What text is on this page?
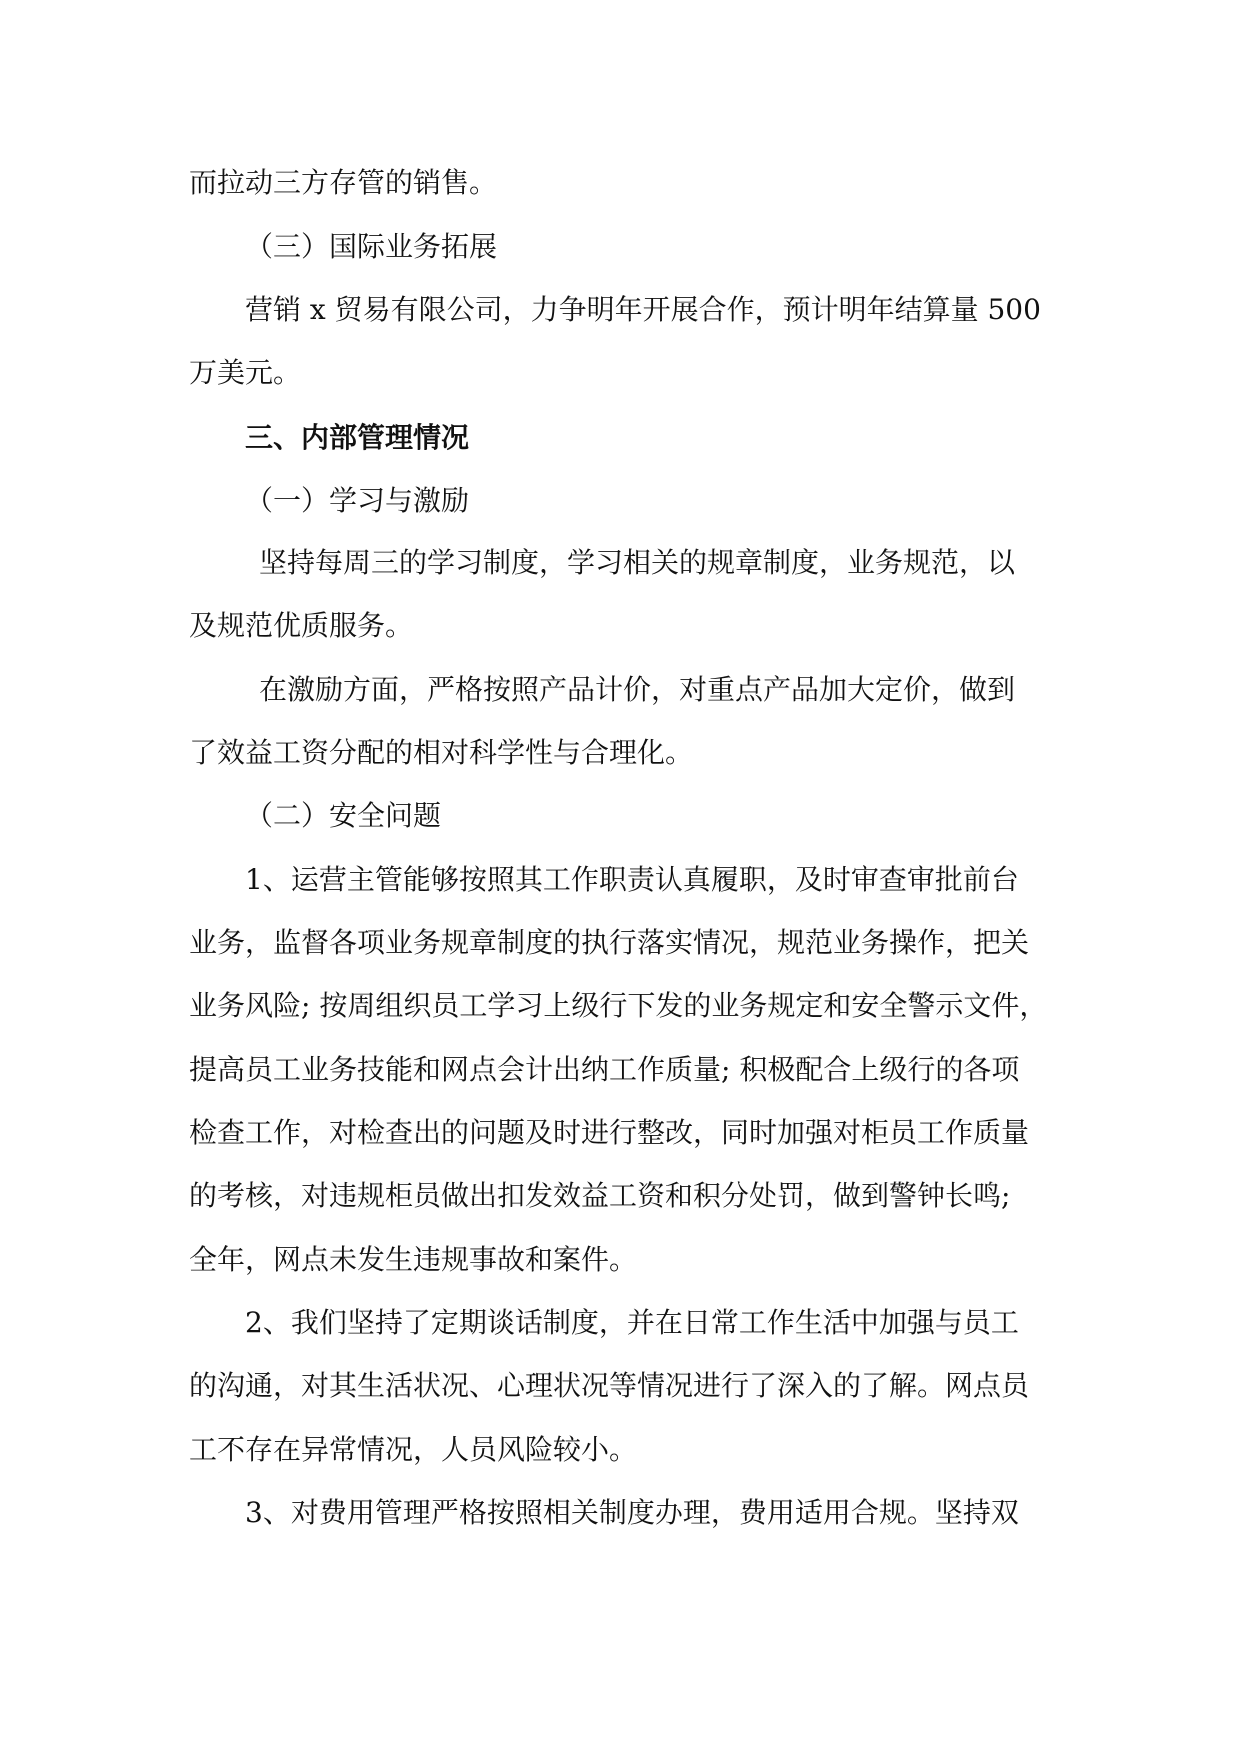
而拉动三方存管的销售。
（三）国际业务拓展
营销 x 贸易有限公司，力争明年开展合作，预计明年结算量 500
万美元。
三、内部管理情况
（一）学习与激励
坚持每周三的学习制度，学习相关的规章制度，业务规范，以
及规范优质服务。
在激励方面，严格按照产品计价，对重点产品加大定价，做到
了效益工资分配的相对科学性与合理化。
（二）安全问题
1、运营主管能够按照其工作职责认真履职，及时审查审批前台
业务，监督各项业务规章制度的执行落实情况，规范业务操作，把关
业务风险; 按周组织员工学习上级行下发的业务规定和安全警示文件，
提高员工业务技能和网点会计出纳工作质量; 积极配合上级行的各项
检查工作，对检查出的问题及时进行整改，同时加强对柜员工作质量
的考核，对违规柜员做出扣发效益工资和积分处罚，做到警钟长鸣;
全年，网点未发生违规事故和案件。
2、我们坚持了定期谈话制度，并在日常工作生活中加强与员工
的沟通，对其生活状况、心理状况等情况进行了深入的了解。网点员
工不存在异常情况，人员风险较小。
3、对费用管理严格按照相关制度办理，费用适用合规。坚持双
